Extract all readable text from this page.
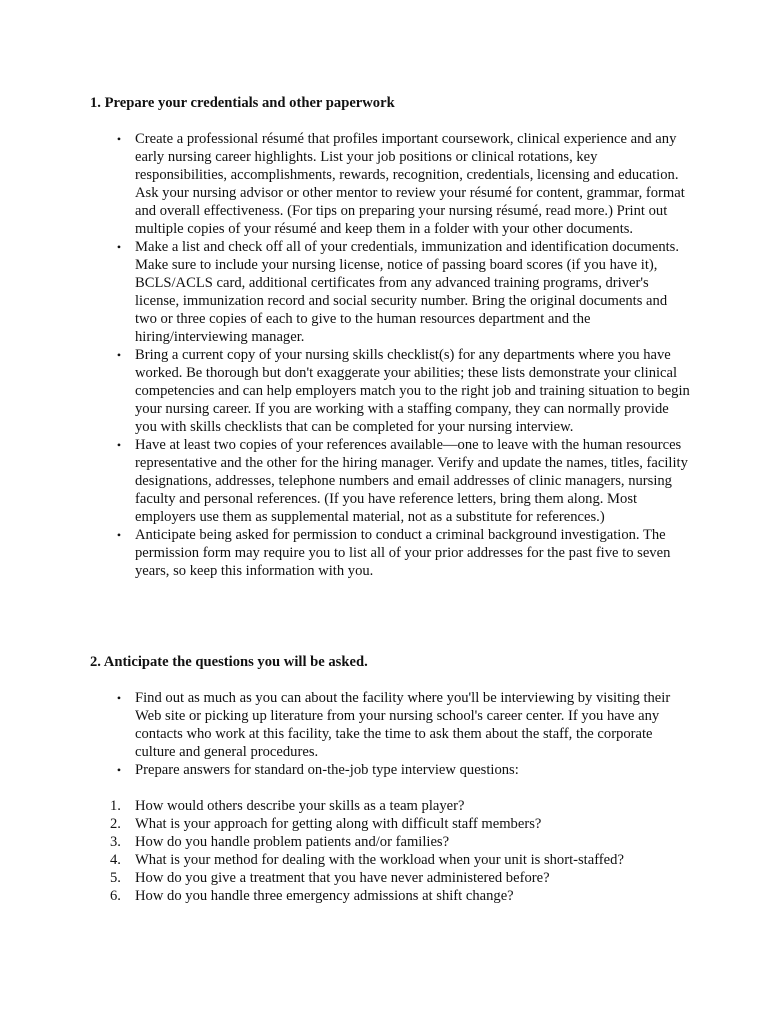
1. Prepare your credentials and other paperwork

• Create a professional résumé that profiles important coursework, clinical experience and any early nursing career highlights. List your job positions or clinical rotations, key responsibilities, accomplishments, rewards, recognition, credentials, licensing and education. Ask your nursing advisor or other mentor to review your résumé for content, grammar, format and overall effectiveness. (For tips on preparing your nursing résumé, read more.) Print out multiple copies of your résumé and keep them in a folder with your other documents.
• Make a list and check off all of your credentials, immunization and identification documents. Make sure to include your nursing license, notice of passing board scores (if you have it), BCLS/ACLS card, additional certificates from any advanced training programs, driver's license, immunization record and social security number. Bring the original documents and two or three copies of each to give to the human resources department and the hiring/interviewing manager.
• Bring a current copy of your nursing skills checklist(s) for any departments where you have worked. Be thorough but don't exaggerate your abilities; these lists demonstrate your clinical competencies and can help employers match you to the right job and training situation to begin your nursing career. If you are working with a staffing company, they can normally provide you with skills checklists that can be completed for your nursing interview.
• Have at least two copies of your references available—one to leave with the human resources representative and the other for the hiring manager. Verify and update the names, titles, facility designations, addresses, telephone numbers and email addresses of clinic managers, nursing faculty and personal references. (If you have reference letters, bring them along. Most employers use them as supplemental material, not as a substitute for references.)
• Anticipate being asked for permission to conduct a criminal background investigation. The permission form may require you to list all of your prior addresses for the past five to seven years, so keep this information with you.

2. Anticipate the questions you will be asked.

• Find out as much as you can about the facility where you'll be interviewing by visiting their Web site or picking up literature from your nursing school's career center. If you have any contacts who work at this facility, take the time to ask them about the staff, the corporate culture and general procedures.
• Prepare answers for standard on-the-job type interview questions:
1. How would others describe your skills as a team player?
2. What is your approach for getting along with difficult staff members?
3. How do you handle problem patients and/or families?
4. What is your method for dealing with the workload when your unit is short-staffed?
5. How do you give a treatment that you have never administered before?
6. How do you handle three emergency admissions at shift change?
